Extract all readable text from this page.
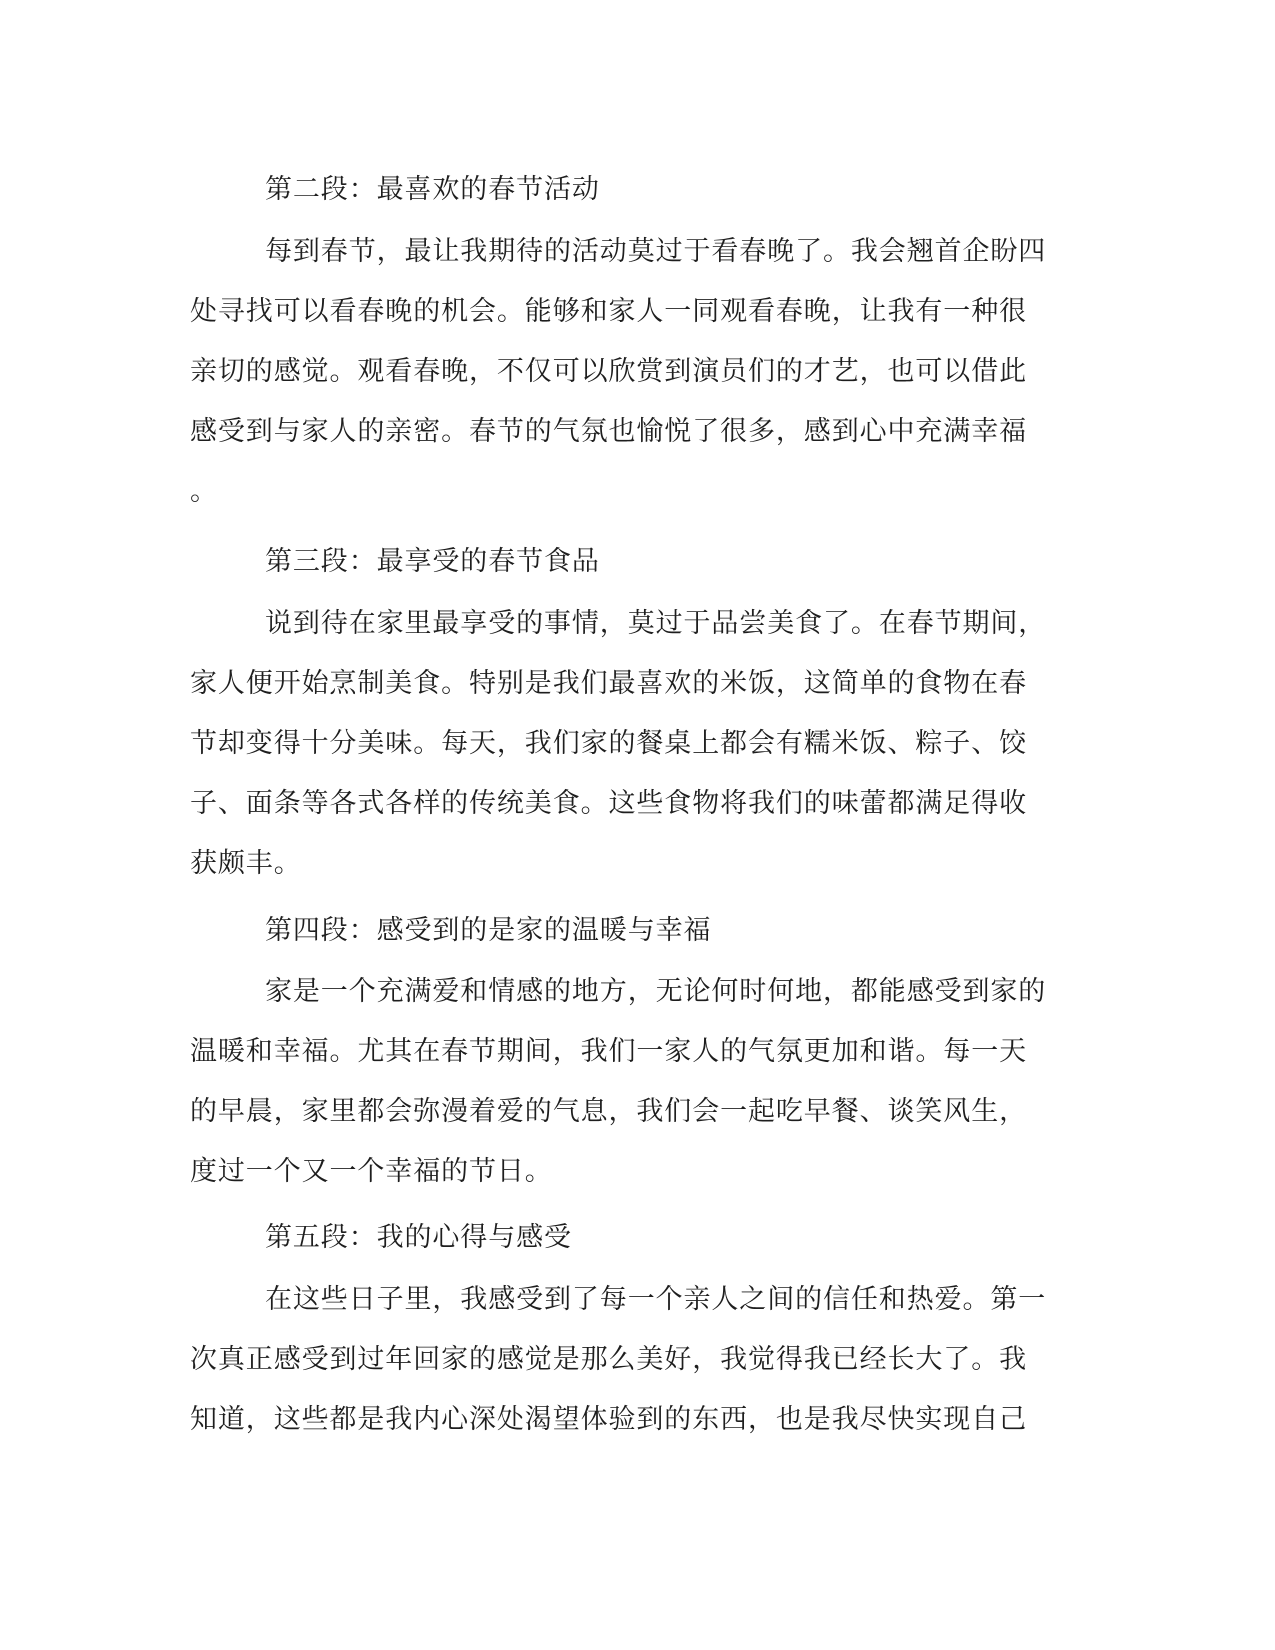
第二段：最喜欢的春节活动
每到春节，最让我期待的活动莫过于看春晚了。我会翘首企盼四
处寻找可以看春晚的机会。能够和家人一同观看春晚，让我有一种很
亲切的感觉。观看春晚，不仅可以欣赏到演员们的才艺，也可以借此
感受到与家人的亲密。春节的气氛也愉悦了很多，感到心中充满幸福
。
第三段：最享受的春节食品
说到待在家里最享受的事情，莫过于品尝美食了。在春节期间，
家人便开始烹制美食。特别是我们最喜欢的米饭，这简单的食物在春
节却变得十分美味。每天，我们家的餐桌上都会有糯米饭、粽子、饺
子、面条等各式各样的传统美食。这些食物将我们的味蕾都满足得收
获颇丰。
第四段：感受到的是家的温暖与幸福
家是一个充满爱和情感的地方，无论何时何地，都能感受到家的
温暖和幸福。尤其在春节期间，我们一家人的气氛更加和谐。每一天
的早晨，家里都会弥漫着爱的气息，我们会一起吃早餐、谈笑风生，
度过一个又一个幸福的节日。
第五段：我的心得与感受
在这些日子里，我感受到了每一个亲人之间的信任和热爱。第一
次真正感受到过年回家的感觉是那么美好，我觉得我已经长大了。我
知道，这些都是我内心深处渴望体验到的东西，也是我尽快实现自己
